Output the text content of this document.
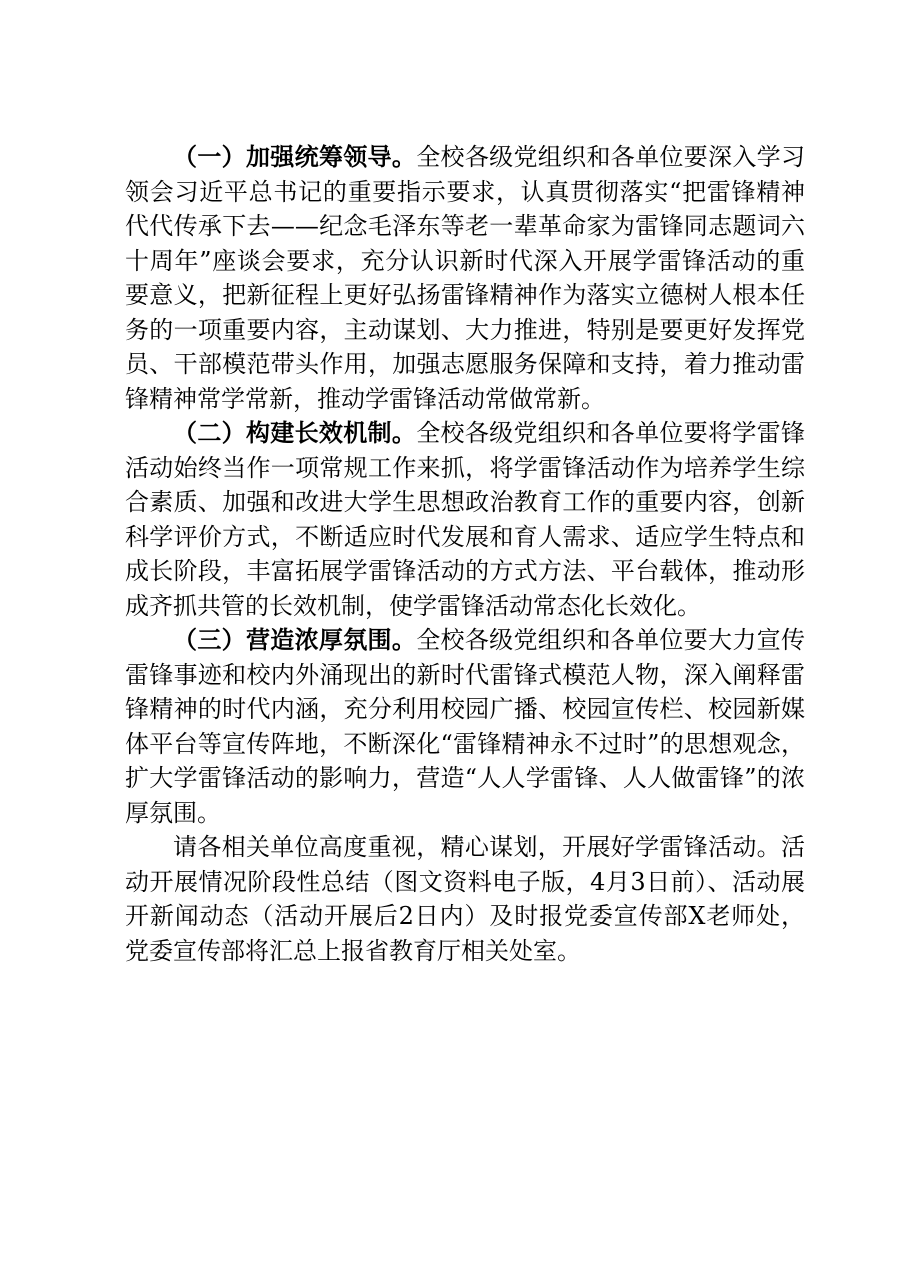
（一）加强统筹领导。全校各级党组织和各单位要深入学习领会习近平总书记的重要指示要求，认真贯彻落实“把雷锋精神代代传承下去——纪念毛泽东等老一辈革命家为雷锋同志题词六十周年”座谈会要求，充分认识新时代深入开展学雷锋活动的重要意义，把新征程上更好弘扬雷锋精神作为落实立德树人根本任务的一项重要内容，主动谋划、大力推进，特别是要更好发挥党员、干部模范带头作用，加强志愿服务保障和支持，着力推动雷锋精神常学常新，推动学雷锋活动常做常新。

（二）构建长效机制。全校各级党组织和各单位要将学雷锋活动始终当作一项常规工作来抓，将学雷锋活动作为培养学生综合素质、加强和改进大学生思想政治教育工作的重要内容，创新科学评价方式，不断适应时代发展和育人需求、适应学生特点和成长阶段，丰富拓展学雷锋活动的方式方法、平台载体，推动形成齐抓共管的长效机制，使学雷锋活动常态化长效化。

（三）营造浓厚氛围。全校各级党组织和各单位要大力宣传雷锋事迹和校内外涌现出的新时代雷锋式模范人物，深入阐释雷锋精神的时代内涵，充分利用校园广播、校园宣传栏、校园新媒体平台等宣传阵地，不断深化“雷锋精神永不过时”的思想观念，扩大学雷锋活动的影响力，营造“人人学雷锋、人人做雷锋”的浓厚氛围。

请各相关单位高度重视，精心谋划，开展好学雷锋活动。活动开展情况阶段性总结（图文资料电子版，4月3日前）、活动展开新闻动态（活动开展后2日内）及时报党委宣传部X老师处，党委宣传部将汇总上报省教育厅相关处室。
